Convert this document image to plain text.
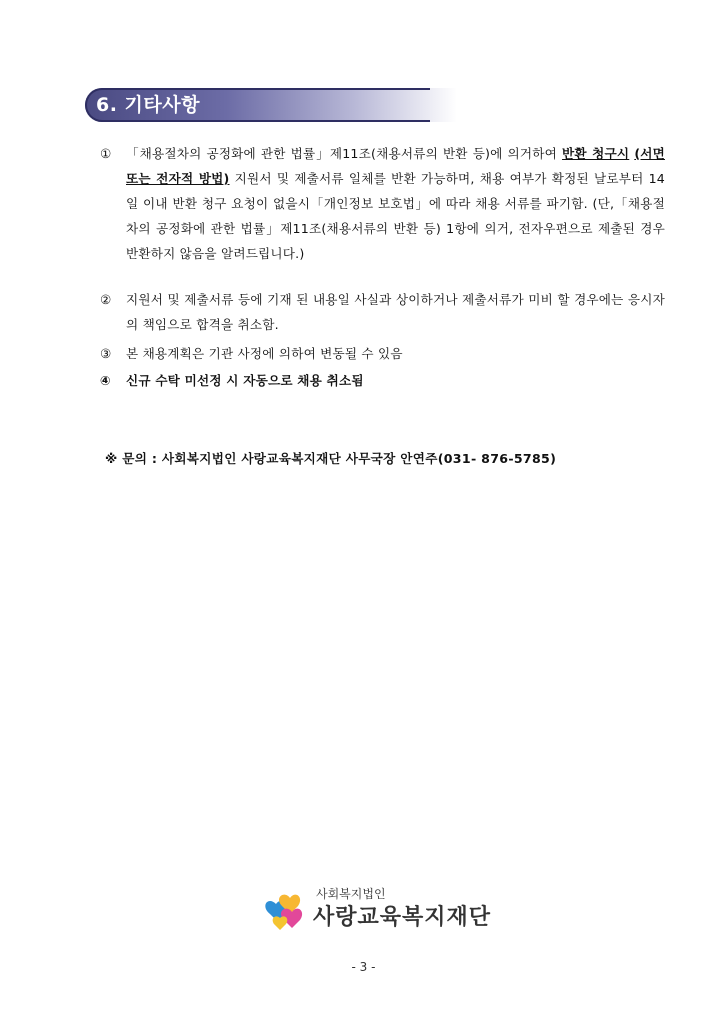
6. 기타사항
①	「채용절차의 공정화에 관한 법률」제11조(채용서류의 반환 등)에 의거하여 반환 청구시 (서면 또는 전자적 방법) 지원서 및 제출서류 일체를 반환 가능하며, 채용 여부가 확정된 날로부터 14일 이내 반환 청구 요청이 없을시「개인정보 보호법」에 따라 채용 서류를 파기함. (단,「채용절차의 공정화에 관한 법률」제11조(채용서류의 반환 등) 1항에 의거, 전자우편으로 제출된 경우 반환하지 않음을 알려드립니다.)
②	지원서 및 제출서류 등에 기재 된 내용일 사실과 상이하거나 제출서류가 미비 할 경우에는 응시자의 책임으로 합격을 취소함.
③	본 채용계획은 기관 사정에 의하여 변동될 수 있음
④	신규 수탁 미선정 시 자동으로 채용 취소됨
※ 문의 : 사회복지법인 사랑교육복지재단 사무국장 안연주(031- 876-5785)
사회복지법인
사랑교육복지재단
- 3 -
